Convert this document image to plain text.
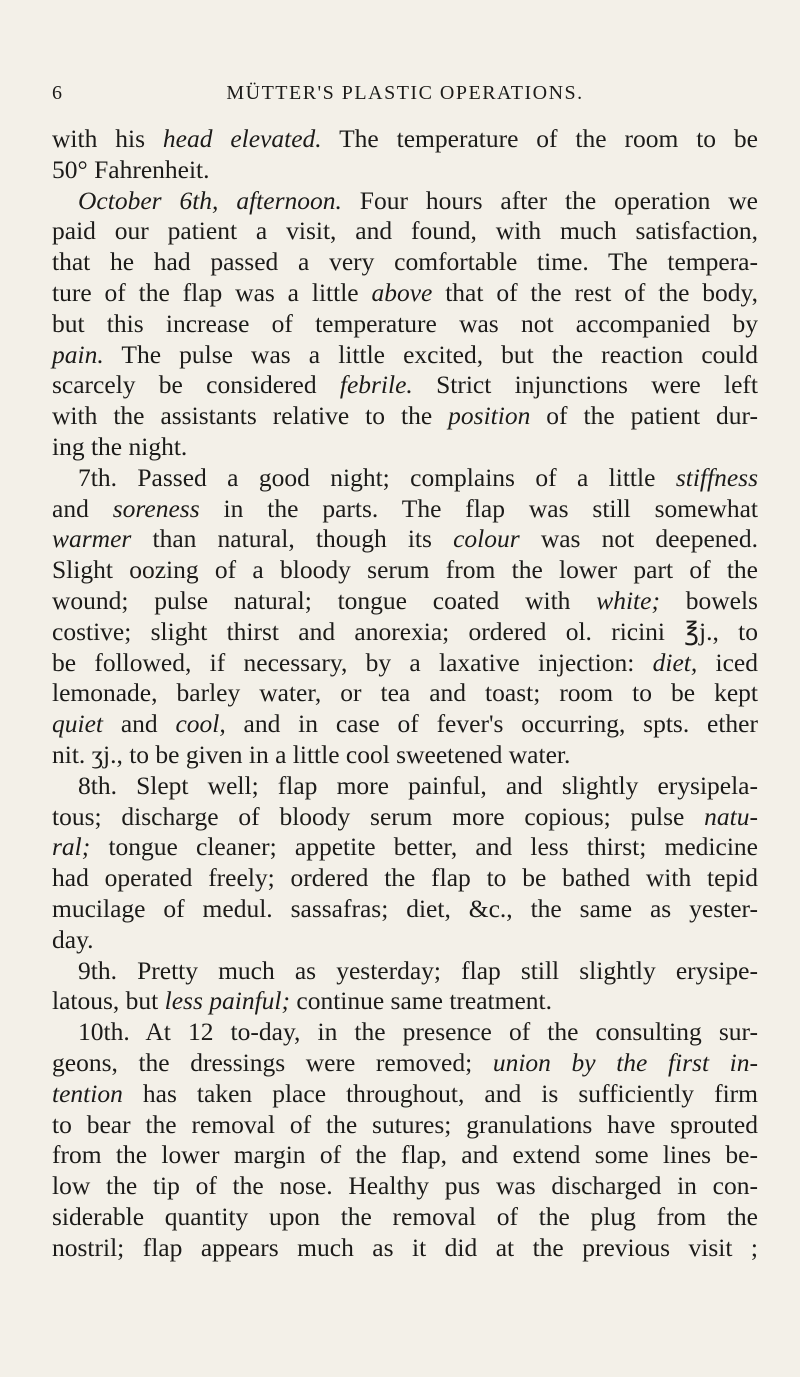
6	MÜTTER'S PLASTIC OPERATIONS.
with his head elevated. The temperature of the room to be
50° Fahrenheit.
October 6th, afternoon. Four hours after the operation we
paid our patient a visit, and found, with much satisfaction,
that he had passed a very comfortable time. The tempera-
ture of the flap was a little above that of the rest of the body,
but this increase of temperature was not accompanied by
pain. The pulse was a little excited, but the reaction could
scarcely be considered febrile. Strict injunctions were left
with the assistants relative to the position of the patient dur-
ing the night.
7th. Passed a good night; complains of a little stiffness
and soreness in the parts. The flap was still somewhat
warmer than natural, though its colour was not deepened.
Slight oozing of a bloody serum from the lower part of the
wound; pulse natural; tongue coated with white; bowels
costive; slight thirst and anorexia; ordered ol. ricini ℥j., to
be followed, if necessary, by a laxative injection: diet, iced
lemonade, barley water, or tea and toast; room to be kept
quiet and cool, and in case of fever's occurring, spts. ether
nit. ʒj., to be given in a little cool sweetened water.
8th. Slept well; flap more painful, and slightly erysipela-
tous; discharge of bloody serum more copious; pulse natu-
ral; tongue cleaner; appetite better, and less thirst; medicine
had operated freely; ordered the flap to be bathed with tepid
mucilage of medul. sassafras; diet, &c., the same as yester-
day.
9th. Pretty much as yesterday; flap still slightly erysipe-
latous, but less painful; continue same treatment.
10th. At 12 to-day, in the presence of the consulting sur-
geons, the dressings were removed; union by the first in-
tention has taken place throughout, and is sufficiently firm
to bear the removal of the sutures; granulations have sprouted
from the lower margin of the flap, and extend some lines be-
low the tip of the nose. Healthy pus was discharged in con-
siderable quantity upon the removal of the plug from the
nostril; flap appears much as it did at the previous visit ;
